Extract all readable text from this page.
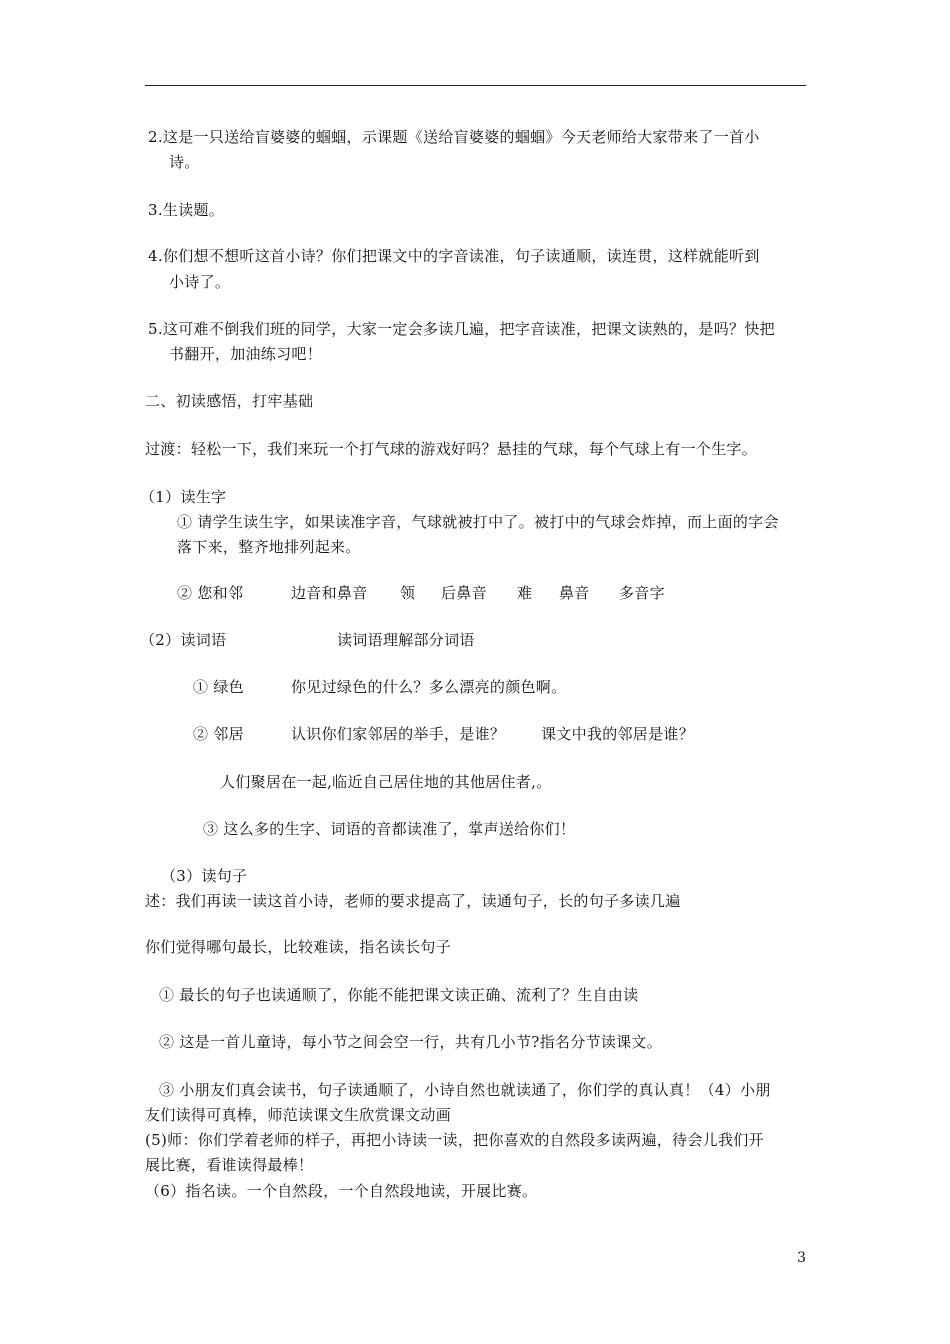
2.这是一只送给盲婆婆的蝈蝈，示课题《送给盲婆婆的蝈蝈》今天老师给大家带来了一首小
诗。
3.生读题。
4.你们想不想听这首小诗？你们把课文中的字音读准，句子读通顺，读连贯，这样就能听到
小诗了。
5.这可难不倒我们班的同学，大家一定会多读几遍，把字音读准，把课文读熟的，是吗？快把
书翻开，加油练习吧！
二、初读感悟，打牢基础
过渡：轻松一下，我们来玩一个打气球的游戏好吗？悬挂的气球，每个气球上有一个生字。
（1）读生字
① 请学生读生字，如果读准字音，气球就被打中了。被打中的气球会炸掉，而上面的字会
落下来，整齐地排列起来。
② 您和邻	边音和鼻音 领 后鼻音 难 鼻音 多音字
（2）读词语	读词语理解部分词语
① 绿色	你见过绿色的什么？多么漂亮的颜色啊。
② 邻居	认识你们家邻居的举手，是谁？ 课文中我的邻居是谁？
人们聚居在一起,临近自己居住地的其他居住者,。
③ 这么多的生字、词语的音都读准了，掌声送给你们！
（3）读句子
述：我们再读一读这首小诗，老师的要求提高了，读通句子，长的句子多读几遍
你们觉得哪句最长，比较难读，指名读长句子
① 最长的句子也读通顺了，你能不能把课文读正确、流利了？生自由读
② 这是一首儿童诗，每小节之间会空一行，共有几小节?指名分节读课文。
③ 小朋友们真会读书，句子读通顺了，小诗自然也就读通了，你们学的真认真！（4）小朋
友们读得可真棒，师范读课文生欣赏课文动画
(5)师：你们学着老师的样子，再把小诗读一读，把你喜欢的自然段多读两遍，待会儿我们开
展比赛，看谁读得最棒！
（6）指名读。一个自然段，一个自然段地读，开展比赛。
3
